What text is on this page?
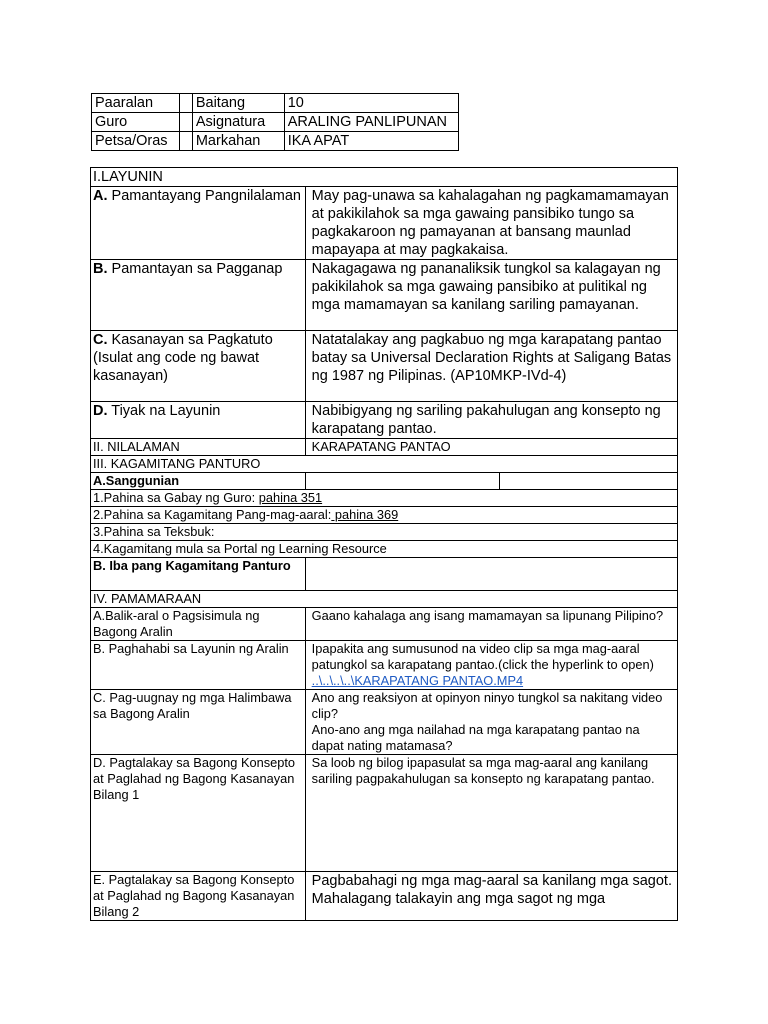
Paaralan		Baitang	10
Guro		Asignatura	ARALING PANLIPUNAN
Petsa/Oras		Markahan	IKA APAT
I.LAYUNIN		
A. Pamantayang Pangnilalaman	May pag-unawa sa kahalagahan ng pagkamamamayan at pakikilahok sa mga gawaing pansibiko tungo sa pagkakaroon ng pamayanan at bansang maunlad mapayapa at may pagkakaisa.	
B. Pamantayan sa Pagganap	Nakagagawa ng pananaliksik tungkol sa kalagayan ng pakikilahok sa mga gawaing pansibiko at pulitikal ng mga mamamayan sa kanilang sariling pamayanan.	
C. Kasanayan sa Pagkatuto (Isulat ang code ng bawat kasanayan)	Natatalakay ang pagkabuo ng mga karapatang pantao batay sa Universal Declaration Rights at Saligang Batas ng 1987 ng Pilipinas. (AP10MKP-IVd-4)	
D. Tiyak na Layunin	Nabibigyang ng sariling pakahulugan ang konsepto ng karapatang pantao.	
II. NILALAMAN	KARAPATANG PANTAO	
III. KAGAMITANG PANTURO		
A.Sanggunian		
1.Pahina sa Gabay ng Guro: pahina 351		
2.Pahina sa Kagamitang Pang-mag-aaral: pahina 369		
3.Pahina sa Teksbuk:		
4.Kagamitang mula sa Portal ng Learning Resource		
B. Iba pang Kagamitang Panturo		
IV. PAMAMARAAN		
A.Balik-aral o Pagsisimula ng Bagong Aralin	Gaano kahalaga ang isang mamamayan sa lipunang Pilipino?	
B. Paghahabi sa Layunin ng Aralin	Ipapakita ang sumusunod na video clip sa mga mag-aaral patungkol sa karapatang pantao.(click the hyperlink to open) ..\..\..\..\KARAPATANG PANTAO.MP4	
C. Pag-uugnay ng mga Halimbawa sa Bagong Aralin	Ano ang reaksiyon at opinyon ninyo tungkol sa nakitang video clip?
Ano-ano ang mga nailahad na mga karapatang pantao na dapat nating matamasa?	

D. Pagtalakay sa Bagong Konsepto at Paglahad ng Bagong Kasanayan Bilang 1	Sa loob ng bilog ipapasulat sa mga mag-aaral ang kanilang sariling pagpakahulugan sa konsepto ng karapatang pantao.	
E. Pagtalakay sa Bagong Konsepto at Paglahad ng Bagong Kasanayan Bilang 2	Pagbabahagi ng mga mag-aaral sa kanilang mga sagot. Mahalagang talakayin ang mga sagot ng mga	
